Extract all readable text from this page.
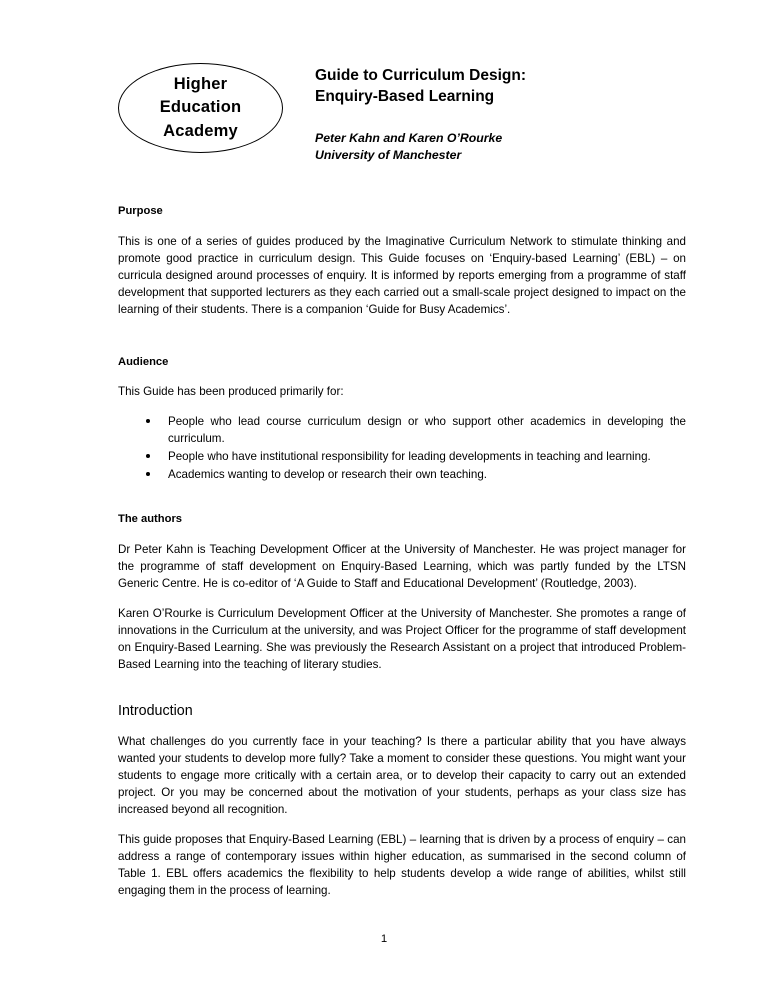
Higher
Education
Academy
Guide to Curriculum Design:
Enquiry-Based Learning
Peter Kahn and Karen O’Rourke
University of Manchester
Purpose

This is one of a series of guides produced by the Imaginative Curriculum Network to stimulate thinking and promote good practice in curriculum design. This Guide focuses on ‘Enquiry-based Learning’ (EBL) – on curricula designed around processes of enquiry. It is informed by reports emerging from a programme of staff development that supported lecturers as they each carried out a small-scale project designed to impact on the learning of their students. There is a companion ‘Guide for Busy Academics’.

Audience

This Guide has been produced primarily for:

People who lead course curriculum design or who support other academics in developing the curriculum.
People who have institutional responsibility for leading developments in teaching and learning.
Academics wanting to develop or research their own teaching.
The authors

Dr Peter Kahn is Teaching Development Officer at the University of Manchester. He was project manager for the programme of staff development on Enquiry-Based Learning, which was partly funded by the LTSN Generic Centre. He is co-editor of ‘A Guide to Staff and Educational Development’ (Routledge, 2003).

Karen O’Rourke is Curriculum Development Officer at the University of Manchester. She promotes a range of innovations in the Curriculum at the university, and was Project Officer for the programme of staff development on Enquiry-Based Learning. She was previously the Research Assistant on a project that introduced Problem-Based Learning into the teaching of literary studies.

Introduction

What challenges do you currently face in your teaching? Is there a particular ability that you have always wanted your students to develop more fully? Take a moment to consider these questions. You might want your students to engage more critically with a certain area, or to develop their capacity to carry out an extended project. Or you may be concerned about the motivation of your students, perhaps as your class size has increased beyond all recognition.

This guide proposes that Enquiry-Based Learning (EBL) – learning that is driven by a process of enquiry – can address a range of contemporary issues within higher education, as summarised in the second column of Table 1. EBL offers academics the flexibility to help students develop a wide range of abilities, whilst still engaging them in the process of learning.

1
